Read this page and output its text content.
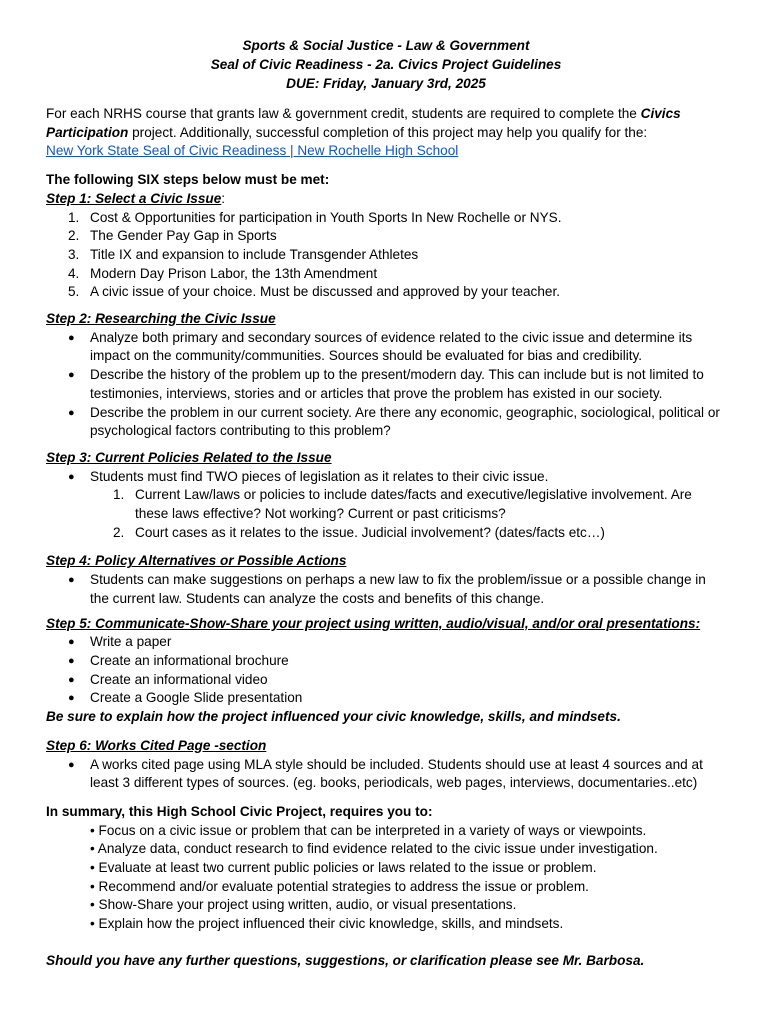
Sports & Social Justice - Law & Government
Seal of Civic Readiness - 2a. Civics Project Guidelines
DUE: Friday, January 3rd, 2025

For each NRHS course that grants law & government credit, students are required to complete the Civics Participation project. Additionally, successful completion of this project may help you qualify for the:
New York State Seal of Civic Readiness | New Rochelle High School

The following SIX steps below must be met:

Step 1: Select a Civic Issue:

1. Cost & Opportunities for participation in Youth Sports In New Rochelle or NYS.
2. The Gender Pay Gap in Sports
3. Title IX and expansion to include Transgender Athletes
4. Modern Day Prison Labor, the 13th Amendment
5. A civic issue of your choice. Must be discussed and approved by your teacher.

Step 2: Researching the Civic Issue

● Analyze both primary and secondary sources of evidence related to the civic issue and determine its impact on the community/communities. Sources should be evaluated for bias and credibility.
● Describe the history of the problem up to the present/modern day. This can include but is not limited to testimonies, interviews, stories and or articles that prove the problem has existed in our society.
● Describe the problem in our current society. Are there any economic, geographic, sociological, political or psychological factors contributing to this problem?

Step 3: Current Policies Related to the Issue

● Students must find TWO pieces of legislation as it relates to their civic issue.
1. Current Law/laws or policies to include dates/facts and executive/legislative involvement. Are these laws effective? Not working? Current or past criticisms?
2. Court cases as it relates to the issue. Judicial involvement? (dates/facts etc…)

Step 4: Policy Alternatives or Possible Actions

● Students can make suggestions on perhaps a new law to fix the problem/issue or a possible change in the current law. Students can analyze the costs and benefits of this change.

Step 5: Communicate-Show-Share your project using written, audio/visual, and/or oral presentations:

● Write a paper
● Create an informational brochure
● Create an informational video
● Create a Google Slide presentation

Be sure to explain how the project influenced your civic knowledge, skills, and mindsets.

Step 6: Works Cited Page -section

● A works cited page using MLA style should be included. Students should use at least 4 sources and at least 3 different types of sources. (eg. books, periodicals, web pages, interviews, documentaries..etc)

In summary, this High School Civic Project, requires you to:

• Focus on a civic issue or problem that can be interpreted in a variety of ways or viewpoints.
• Analyze data, conduct research to find evidence related to the civic issue under investigation.
• Evaluate at least two current public policies or laws related to the issue or problem.
• Recommend and/or evaluate potential strategies to address the issue or problem.
• Show-Share your project using written, audio, or visual presentations.
• Explain how the project influenced their civic knowledge, skills, and mindsets.

Should you have any further questions, suggestions, or clarification please see Mr. Barbosa.
